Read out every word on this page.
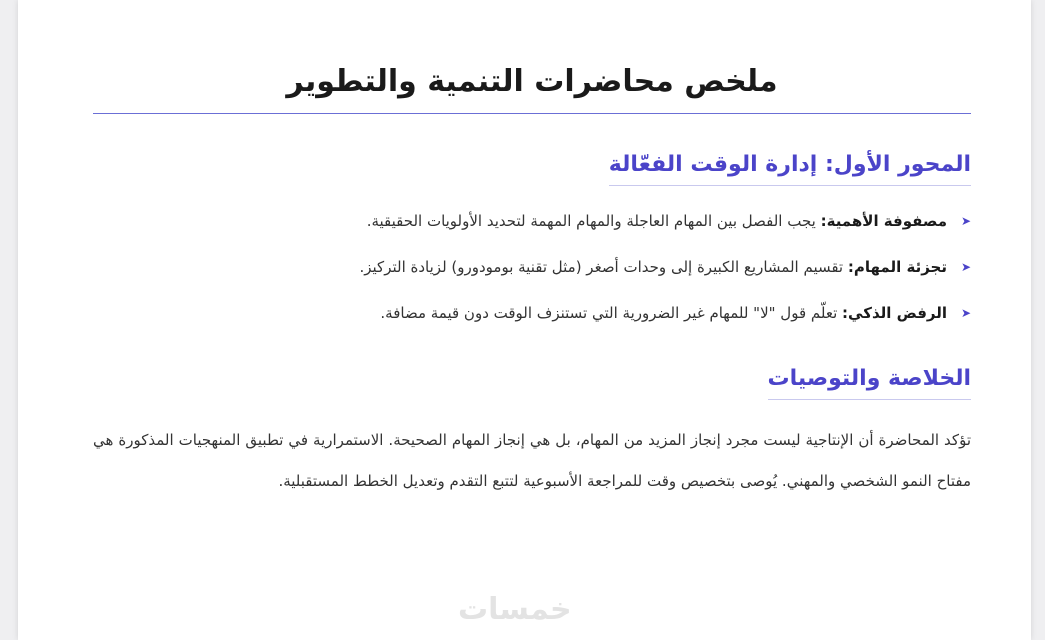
ملخص محاضرات التنمية والتطوير
المحور الأول: إدارة الوقت الفعّالة
➤
مصفوفة الأهمية: يجب الفصل بين المهام العاجلة والمهام المهمة لتحديد الأولويات الحقيقية.
➤
تجزئة المهام: تقسيم المشاريع الكبيرة إلى وحدات أصغر (مثل تقنية بومودورو) لزيادة التركيز.
➤
الرفض الذكي: تعلّم قول "لا" للمهام غير الضرورية التي تستنزف الوقت دون قيمة مضافة.
الخلاصة والتوصيات

تؤكد المحاضرة أن الإنتاجية ليست مجرد إنجاز المزيد من المهام، بل هي إنجاز المهام الصحيحة. الاستمرارية في تطبيق المنهجيات المذكورة هي مفتاح النمو الشخصي والمهني. يُوصى بتخصيص وقت للمراجعة الأسبوعية لتتبع التقدم وتعديل الخطط المستقبلية.

خمسات
